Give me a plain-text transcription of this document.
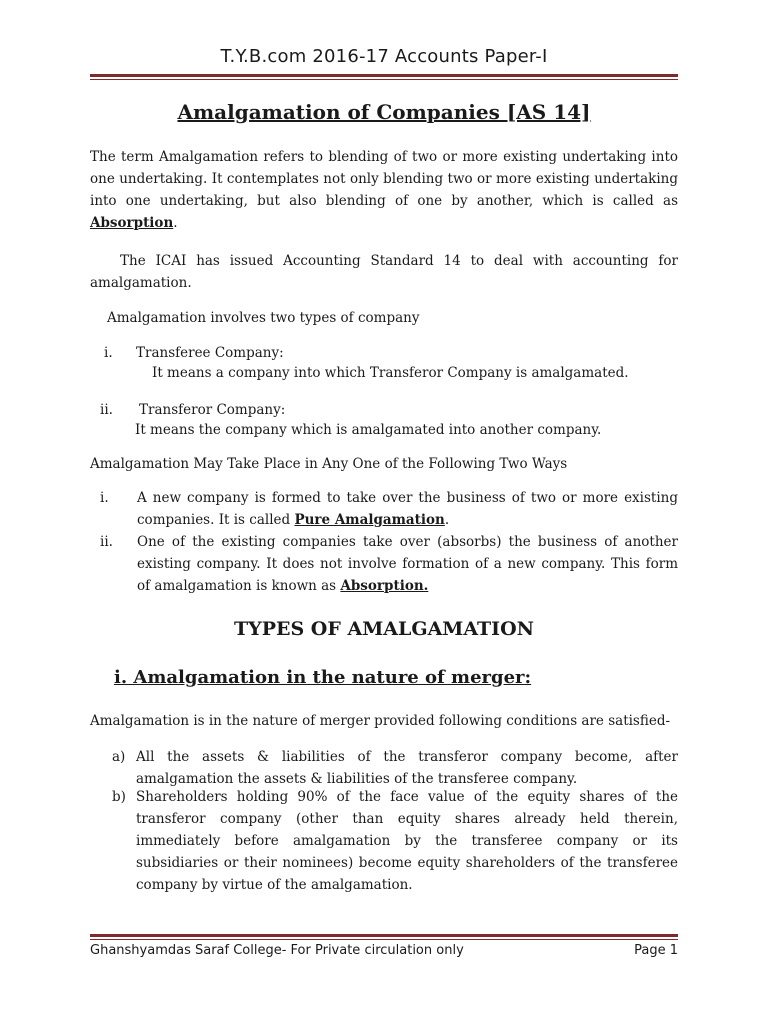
T.Y.B.com 2016-17 Accounts Paper-I
Amalgamation of Companies [AS 14]

The term Amalgamation refers to blending of two or more existing undertaking into one undertaking. It contemplates not only blending two or more existing undertaking into one undertaking, but also blending of one by another, which is called as Absorption.

The ICAI has issued Accounting Standard 14 to deal with accounting for amalgamation.

Amalgamation involves two types of company

i. Transferee Company:
It means a company into which Transferor Company is amalgamated.
ii. Transferor Company:
It means the company which is amalgamated into another company.

Amalgamation May Take Place in Any One of the Following Two Ways

i. A new company is formed to take over the business of two or more existing companies. It is called Pure Amalgamation.

ii. One of the existing companies take over (absorbs) the business of another existing company. It does not involve formation of a new company. This form of amalgamation is known as Absorption.

TYPES OF AMALGAMATION
i. Amalgamation in the nature of merger:

Amalgamation is in the nature of merger provided following conditions are satisfied-

a) All the assets & liabilities of the transferor company become, after amalgamation the assets & liabilities of the transferee company.

b) Shareholders holding 90% of the face value of the equity shares of the transferor company (other than equity shares already held therein, immediately before amalgamation by the transferee company or its subsidiaries or their nominees) become equity shareholders of the transferee company by virtue of the amalgamation.

Ghanshyamdas Saraf College- For Private circulation only	Page 1
